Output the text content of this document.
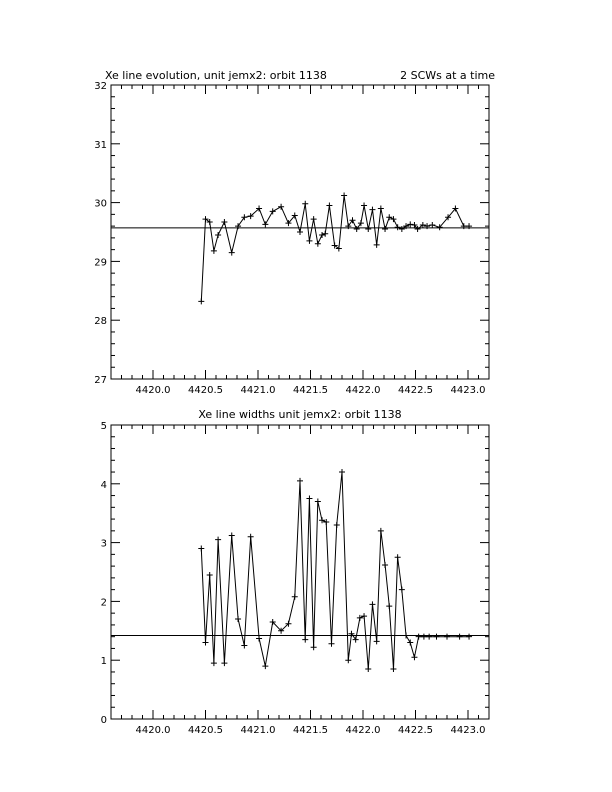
Xe line evolution, unit jemx2: orbit 1138	2 SCWs at a time
4420.0 4420.5 4421.0 4421.5 4422.0 4422.5 4423.0
27
28
29
30
31
32
Xe line widths unit jemx2: orbit 1138
4420.0 4420.5 4421.0 4421.5 4422.0 4422.5 4423.0
0
1
2
3
4
5
